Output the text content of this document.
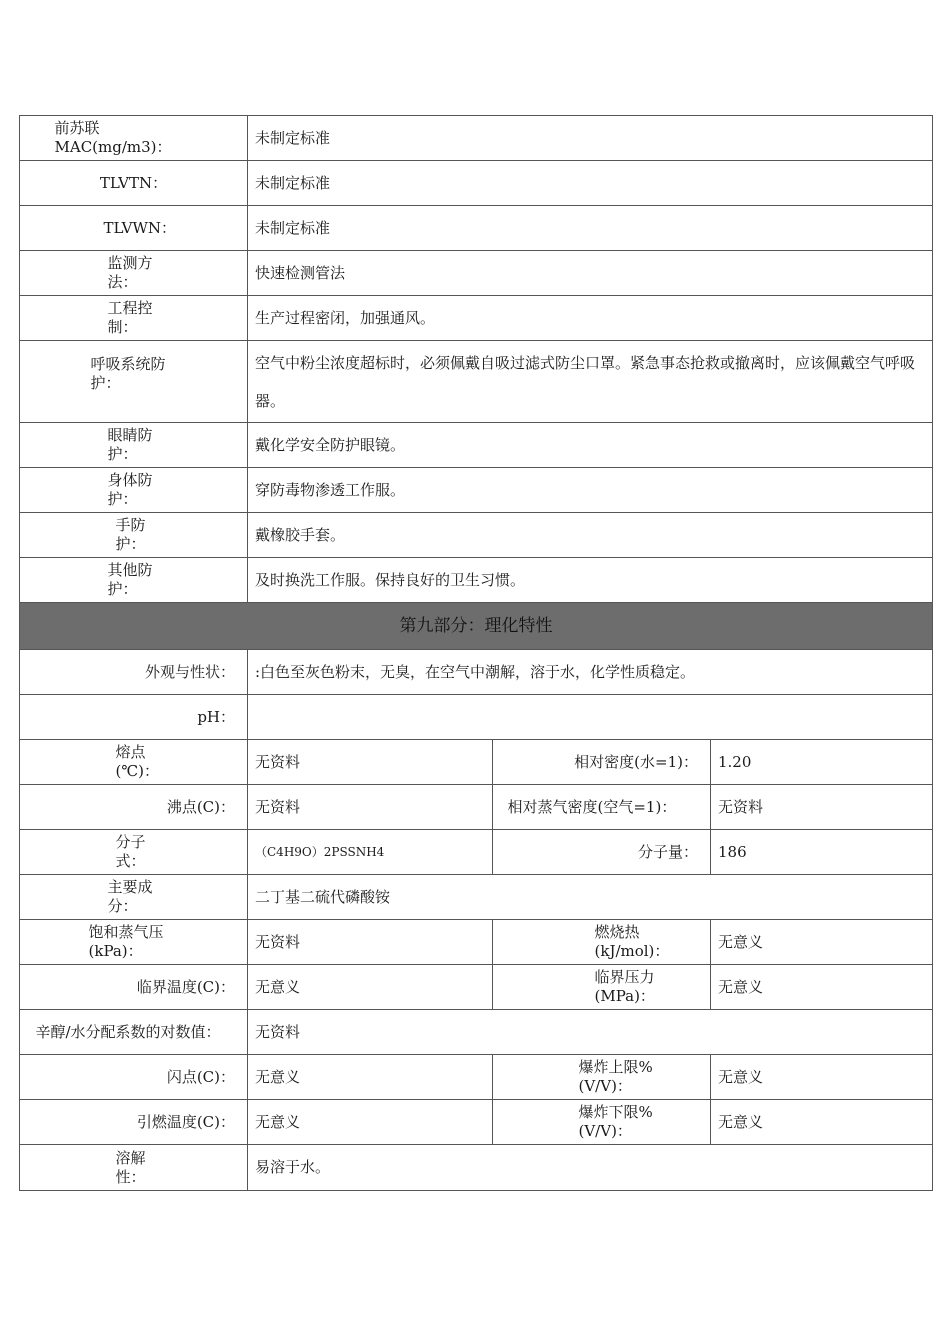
前苏联MAC(mg/m3)：	未制定标准		
TLVTN：	未制定标准		
TLVWN：	未制定标准		
监测方法：	快速检测管法		
工程控制：	生产过程密闭，加强通风。		
呼吸系统防护：	空气中粉尘浓度超标时，必须佩戴自吸过滤式防尘口罩。紧急事态抢救或撤离时，应该佩戴空气呼吸器。		
眼睛防护：	戴化学安全防护眼镜。		
身体防护：	穿防毒物渗透工作服。		
手防护：	戴橡胶手套。		
其他防护：	及时换洗工作服。保持良好的卫生习惯。		
第九部分：理化特性			
外观与性状：	:白色至灰色粉末，无臭，在空气中潮解，溶于水，化学性质稳定。		
pH：			
熔点(℃)：	无资料	相对密度(水=1)：	1.20
沸点(C)：	无资料	相对蒸气密度(空气=1)：	无资料
分子式：	（C4H9O）2PSSNH4	分子量：	186
主要成分：	二丁基二硫代磷酸铵		
饱和蒸气压(kPa)：	无资料	燃烧热(kJ/mol)：	无意义
临界温度(C)：	无意义	临界压力(MPa)：	无意义
辛醇/水分配系数的对数值：	无资料		
闪点(C)：	无意义	爆炸上限%(V/V)：	无意义
引燃温度(C)：	无意义	爆炸下限%(V/V)：	无意义
溶解性：	易溶于水。		
